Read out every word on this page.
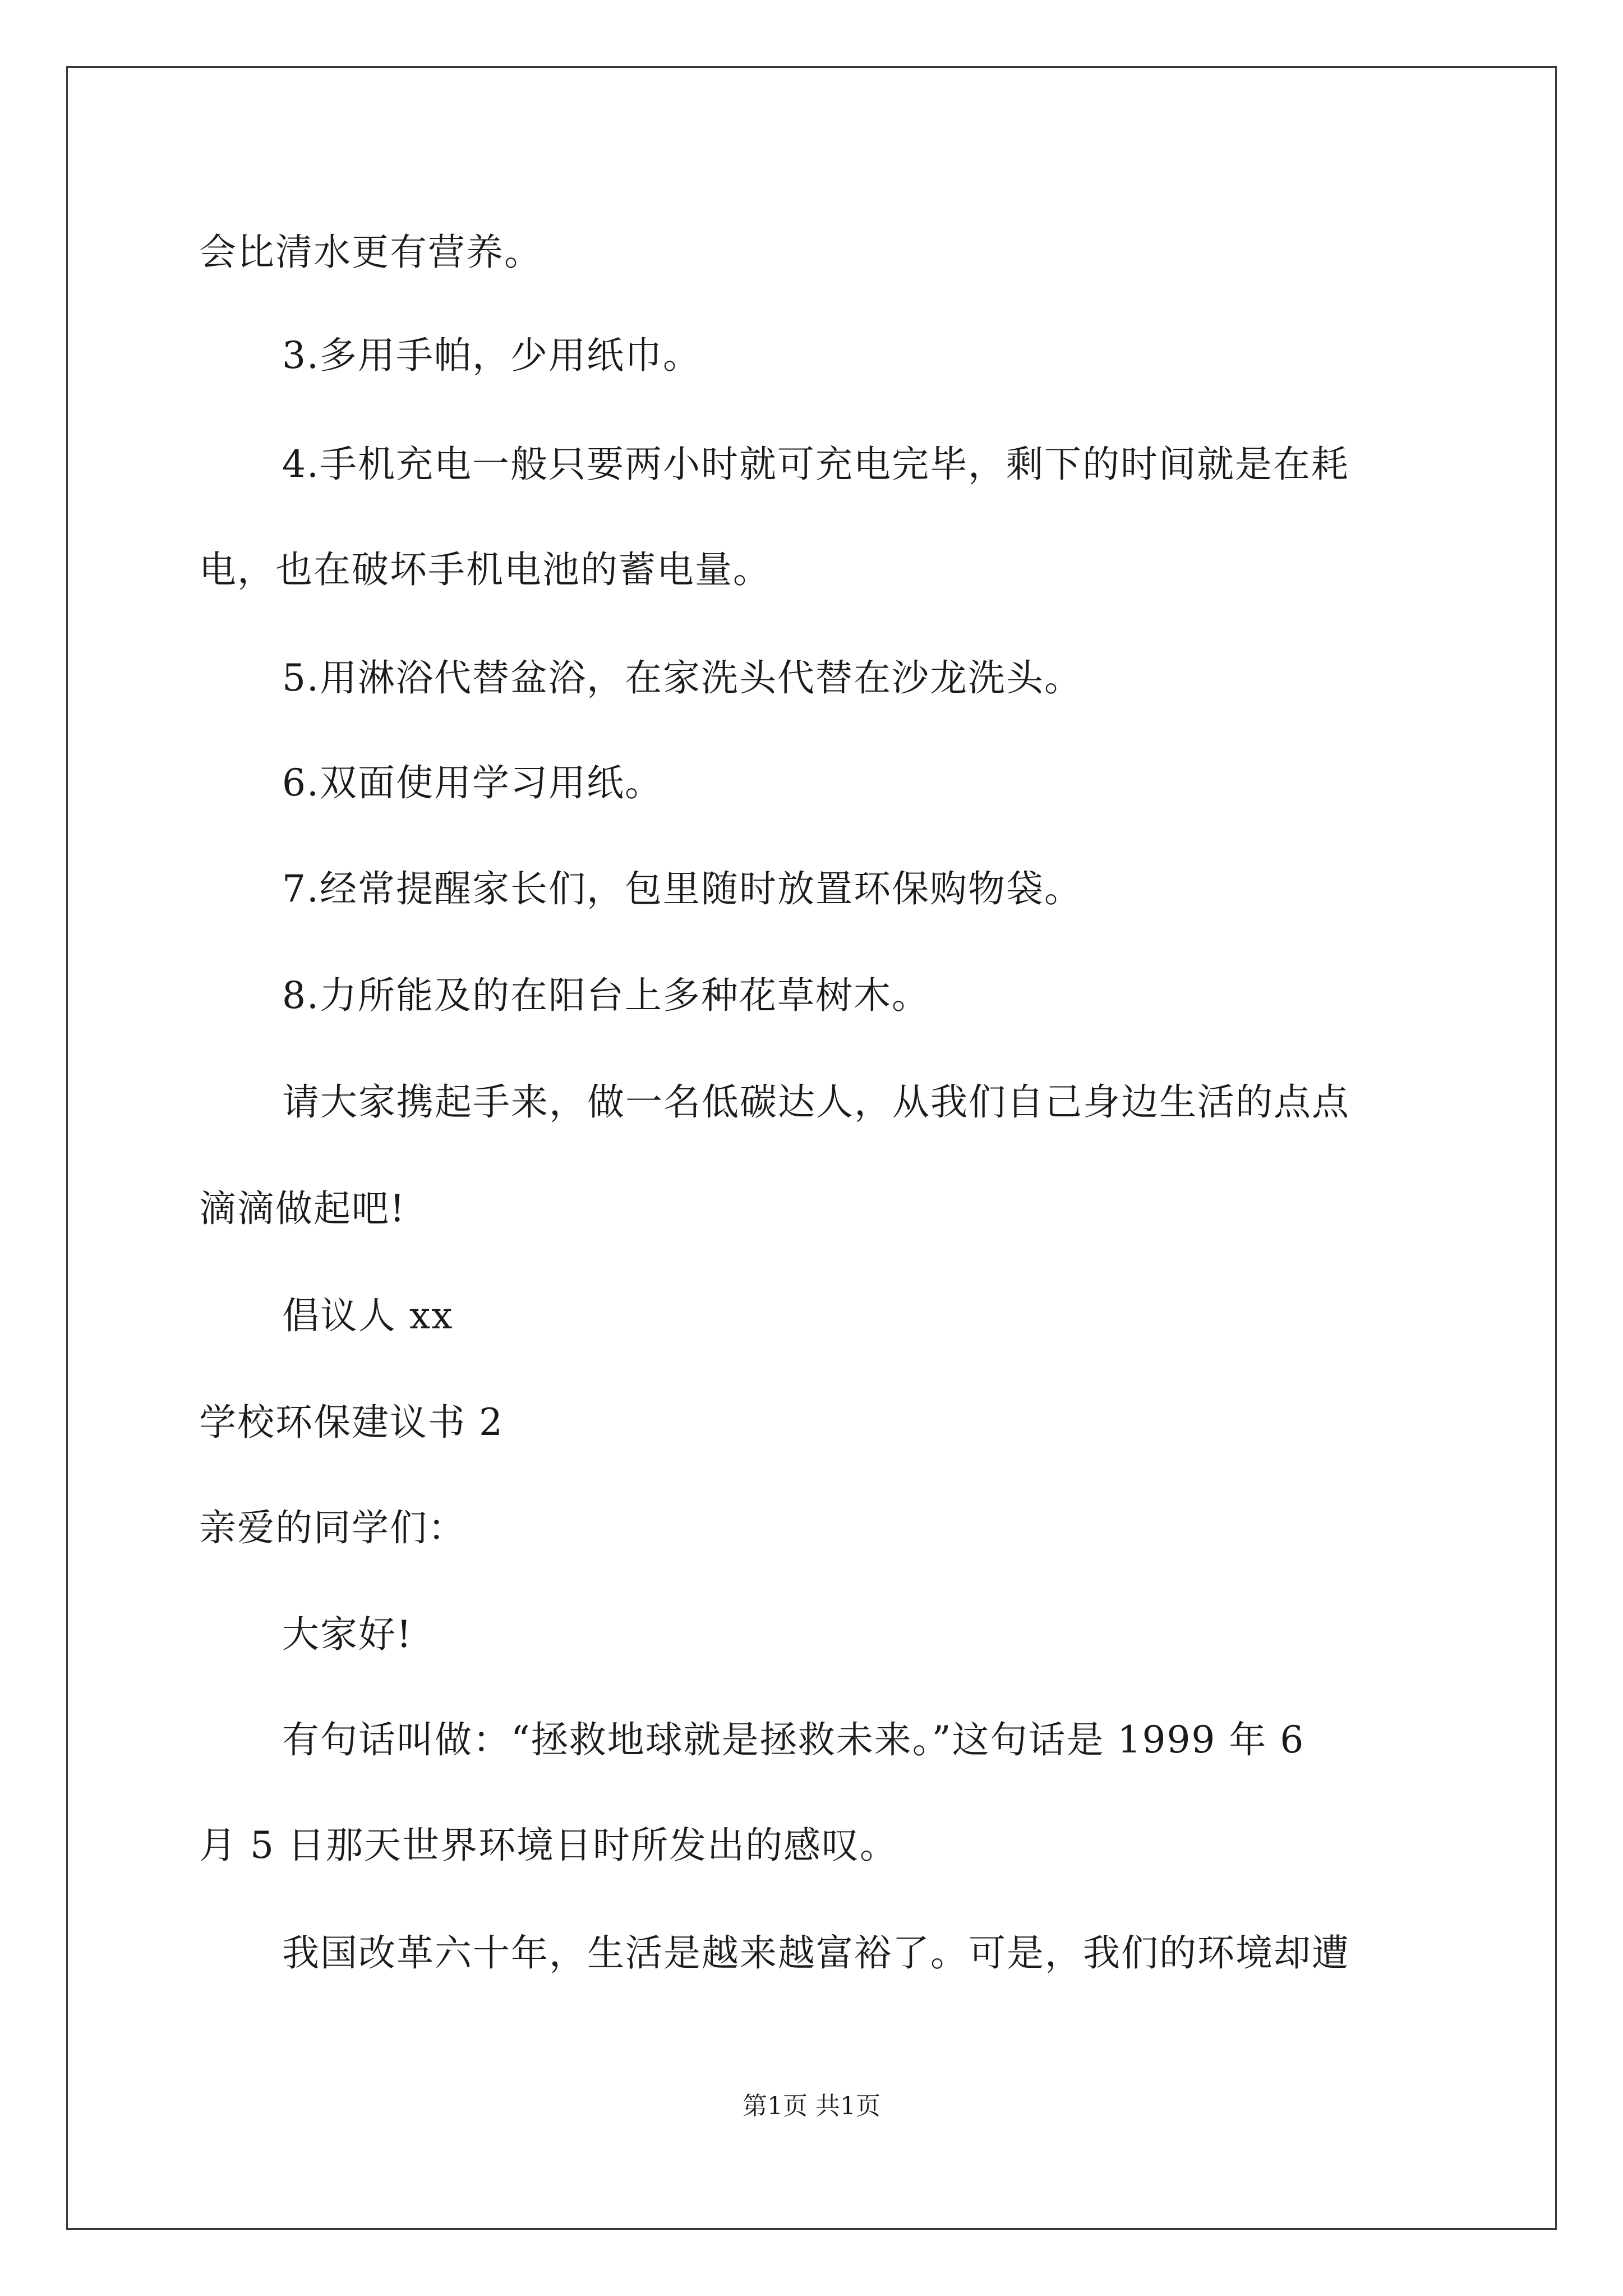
会比清水更有营养。
3.多用手帕，少用纸巾。
4.手机充电一般只要两小时就可充电完毕，剩下的时间就是在耗
电，也在破坏手机电池的蓄电量。
5.用淋浴代替盆浴，在家洗头代替在沙龙洗头。
6.双面使用学习用纸。
7.经常提醒家长们，包里随时放置环保购物袋。
8.力所能及的在阳台上多种花草树木。
请大家携起手来，做一名低碳达人，从我们自己身边生活的点点
滴滴做起吧!
倡议人 xx
学校环保建议书 2
亲爱的同学们：
大家好!
有句话叫做：“拯救地球就是拯救未来。”这句话是 1999 年 6
月 5 日那天世界环境日时所发出的感叹。
我国改革六十年，生活是越来越富裕了。可是，我们的环境却遭
第1页 共1页
